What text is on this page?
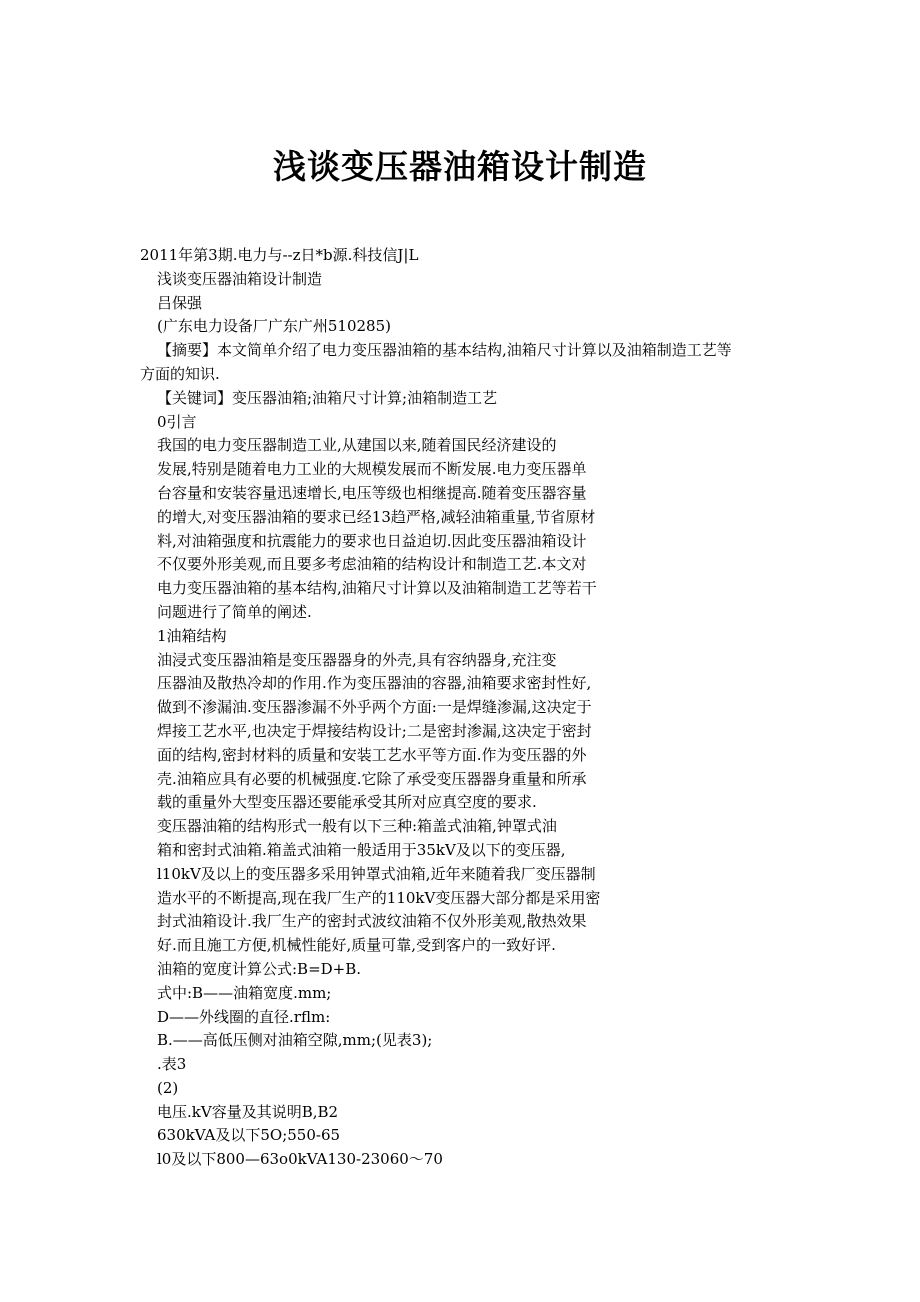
浅谈变压器油箱设计制造
2011年第3期.电力与--z日*b源.科技信J|L
浅谈变压器油箱设计制造
吕保强
(广东电力设备厂广东广州510285)
【摘要】本文简单介绍了电力变压器油箱的基本结构,油箱尺寸计算以及油箱制造工艺等
方面的知识.
【关键词】变压器油箱;油箱尺寸计算;油箱制造工艺
0引言
我国的电力变压器制造工业,从建国以来,随着国民经济建设的
发展,特别是随着电力工业的大规模发展而不断发展.电力变压器单
台容量和安装容量迅速增长,电压等级也相继提高.随着变压器容量
的增大,对变压器油箱的要求已经13趋严格,减轻油箱重量,节省原材
料,对油箱强度和抗震能力的要求也日益迫切.因此变压器油箱设计
不仅要外形美观,而且要多考虑油箱的结构设计和制造工艺.本文对
电力变压器油箱的基本结构,油箱尺寸计算以及油箱制造工艺等若干
问题进行了简单的阐述.
1油箱结构
油浸式变压器油箱是变压器器身的外壳,具有容纳器身,充注变
压器油及散热冷却的作用.作为变压器油的容器,油箱要求密封性好,
做到不渗漏油.变压器渗漏不外乎两个方面:一是焊缝渗漏,这决定于
焊接工艺水平,也决定于焊接结构设计;二是密封渗漏,这决定于密封
面的结构,密封材料的质量和安装工艺水平等方面.作为变压器的外
壳.油箱应具有必要的机械强度.它除了承受变压器器身重量和所承
载的重量外大型变压器还要能承受其所对应真空度的要求.
变压器油箱的结构形式一般有以下三种:箱盖式油箱,钟罩式油
箱和密封式油箱.箱盖式油箱一般适用于35kV及以下的变压器,
l10kV及以上的变压器多采用钟罩式油箱,近年来随着我厂变压器制
造水平的不断提高,现在我厂生产的110kV变压器大部分都是采用密
封式油箱设计.我厂生产的密封式波纹油箱不仅外形美观,散热效果
好.而且施工方便,机械性能好,质量可靠,受到客户的一致好评.
油箱的宽度计算公式:B=D+B.
式中:B——油箱宽度.mm;
D——外线圈的直径.rflm:
B.——高低压侧对油箱空隙,mm;(见表3);
.表3
(2)
电压.kV容量及其说明B,B2
630kVA及以下5O;550-65
l0及以下800—63o0kVA130-23060～70
